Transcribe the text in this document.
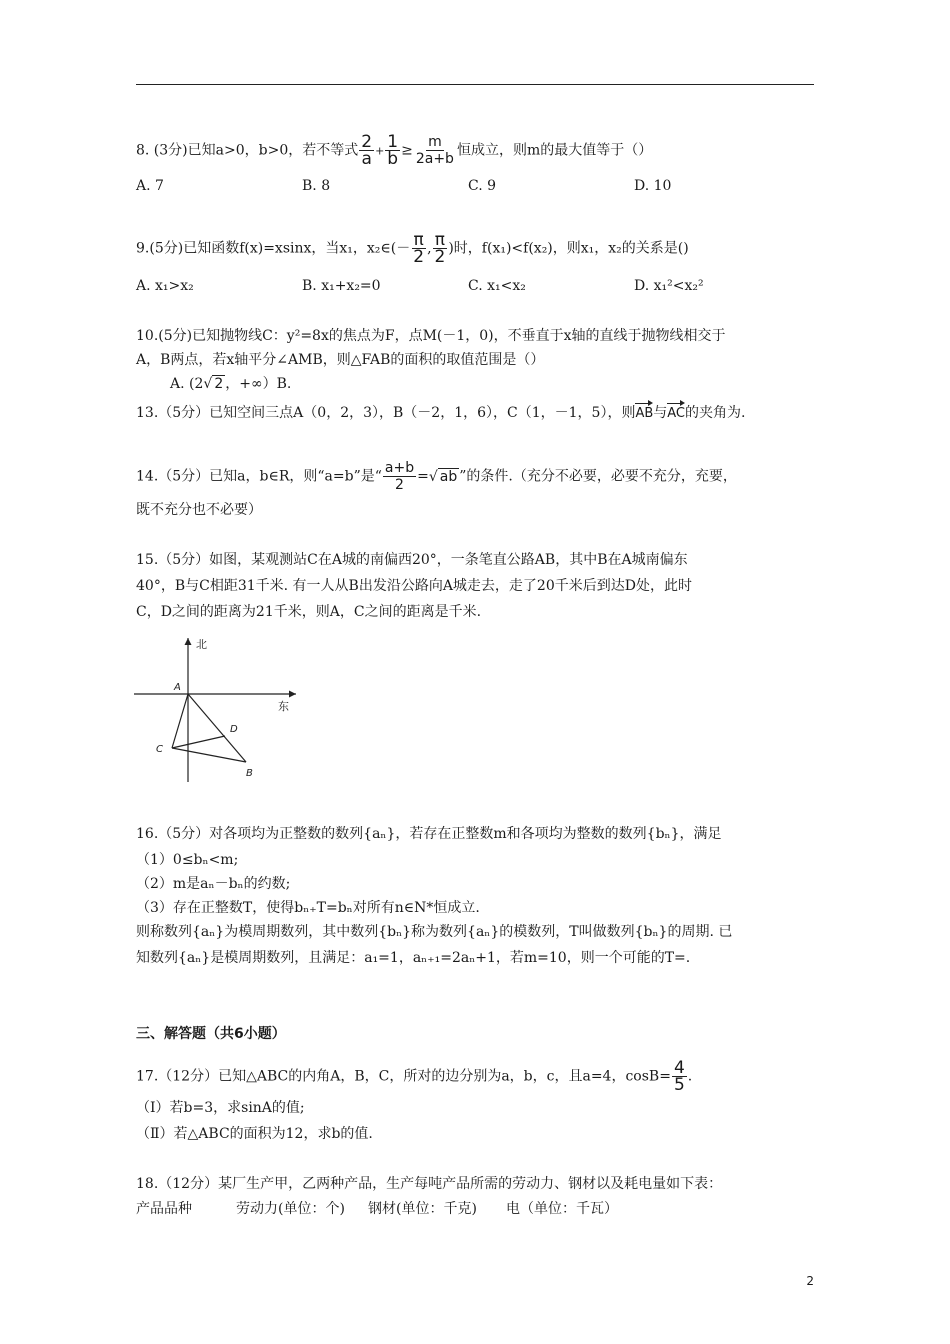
8. (3分)已知a>0，b>0，若不等式 $\frac{2}{a} + \frac{1}{b} \ge \frac{m}{2a+b}$ 恒成立，则m的最大值等于（）
A. 7	B. 8	C. 9	D. 10
9.(5分)已知函数f(x)=xsinx，当x₁，x₂∈(－ $\frac{\pi}{2}$ , $\frac{\pi}{2}$ )时，f(x₁)<f(x₂)，则x₁，x₂的关系是()
A. x₁>x₂	B. x₁+x₂=0	C. x₁<x₂	D. x₁²<x₂²
10.(5分)已知抛物线C：y²=8x的焦点为F，点M(－1，0)，不垂直于x轴的直线于抛物线相交于
A，B两点，若x轴平分∠AMB，则△FAB的面积的取值范围是（）
A. (2√ 2 ，+∞）B.
13.（5分）已知空间三点A（0，2，3），B（－2，1，6），C（1，－1，5），则AB与AC的夹角为.
14.（5分）已知a，b∈R，则“a=b”是“ $\frac{a+b}{2}$ =√ ab ”的条件.（充分不必要，必要不充分，充要，
既不充分也不必要）
15.（5分）如图，某观测站C在A城的南偏西20°，一条笔直公路AB，其中B在A城南偏东
40°，B与C相距31千米. 有一人从B出发沿公路向A城走去，走了20千米后到达D处，此时
C，D之间的距离为21千米，则A，C之间的距离是千米.
北
东
A
D
C
B
16.（5分）对各项均为正整数的数列{aₙ}，若存在正整数m和各项均为整数的数列{bₙ}，满足
（1）0≤bₙ<m;
（2）m是aₙ－bₙ的约数;
（3）存在正整数T，使得bₙ₊T=bₙ对所有n∈N*恒成立.
则称数列{aₙ}为模周期数列，其中数列{bₙ}称为数列{aₙ}的模数列，T叫做数列{bₙ}的周期. 已
知数列{aₙ}是模周期数列，且满足：a₁=1，aₙ₊₁=2aₙ+1，若m=10，则一个可能的T=.
三、解答题（共6小题）
17.（12分）已知△ABC的内角A，B，C，所对的边分别为a，b，c，且a=4，$\cos B= \frac{4}{5}$ .
（Ⅰ）若b=3，求sinA的值;
（Ⅱ）若△ABC的面积为12，求b的值.
18.（12分）某厂生产甲，乙两种产品，生产每吨产品所需的劳动力、钢材以及耗电量如下表：
产品品种	劳动力(单位：个) 钢材(单位：千克) 电（单位：千瓦）
2
